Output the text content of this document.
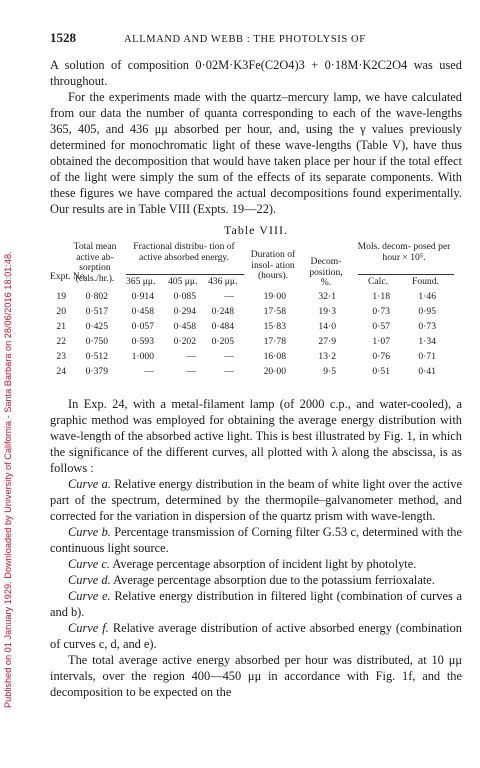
Published on 01 January 1929. Downloaded by University of California - Santa Barbara on 28/06/2016 18:01:48.
1528	ALLMAND AND WEBB : THE PHOTOLYSIS OF

A solution of composition 0·02M·K3Fe(C2O4)3 + 0·18M·K2C2O4 was used throughout.

For the experiments made with the quartz–mercury lamp, we have calculated from our data the number of quanta corresponding to each of the wave-lengths 365, 405, and 436 μμ absorbed per hour, and, using the γ values previously determined for monochromatic light of these wave-lengths (Table V), have thus obtained the decomposition that would have taken place per hour if the total effect of the light were simply the sum of the effects of its separate components. With these figures we have compared the actual decompositions found experimentally. Our results are in Table VIII (Expts. 19—22).

Table VIII.
Expt. No.
Total mean active ab- sorption (cals./hr.).
Fractional distribu- tion of active absorbed energy.
365 μμ. 405 μμ. 436 μμ.
Duration of insol- ation (hours).
Decom- position, %.
Mols. decom- posed per hour × 10⁵.
Calc.	Found.
19 0·802 0·914 0·085	—	19·00	32·1	1·18	1·46
20 0·517 0·458 0·294 0·248	17·58	19·3	0·73	0·95
21 0·425 0·057 0·458 0·484	15·83	14·0	0·57	0·73
22 0·750 0·593 0·202 0·205	17·78	27·9	1·07	1·34
23 0·512 1·000	—	—	16·08	13·2	0·76	0·71
24 0·379	—	—	—	20·00	9·5	0·51	0·41

In Exp. 24, with a metal-filament lamp (of 2000 c.p., and water-cooled), a graphic method was employed for obtaining the average energy distribution with wave-length of the absorbed active light. This is best illustrated by Fig. 1, in which the significance of the different curves, all plotted with λ along the abscissa, is as follows :

Curve a. Relative energy distribution in the beam of white light over the active part of the spectrum, determined by the thermopile–galvanometer method, and corrected for the variation in dispersion of the quartz prism with wave-length.

Curve b. Percentage transmission of Corning filter G.53 c, determined with the continuous light source.

Curve c. Average percentage absorption of incident light by photolyte.

Curve d. Average percentage absorption due to the potassium ferrioxalate.

Curve e. Relative energy distribution in filtered light (combination of curves a and b).

Curve f. Relative average distribution of active absorbed energy (combination of curves c, d, and e).

The total average active energy absorbed per hour was distributed, at 10 μμ intervals, over the region 400—450 μμ in accordance with Fig. 1f, and the decomposition to be expected on the
